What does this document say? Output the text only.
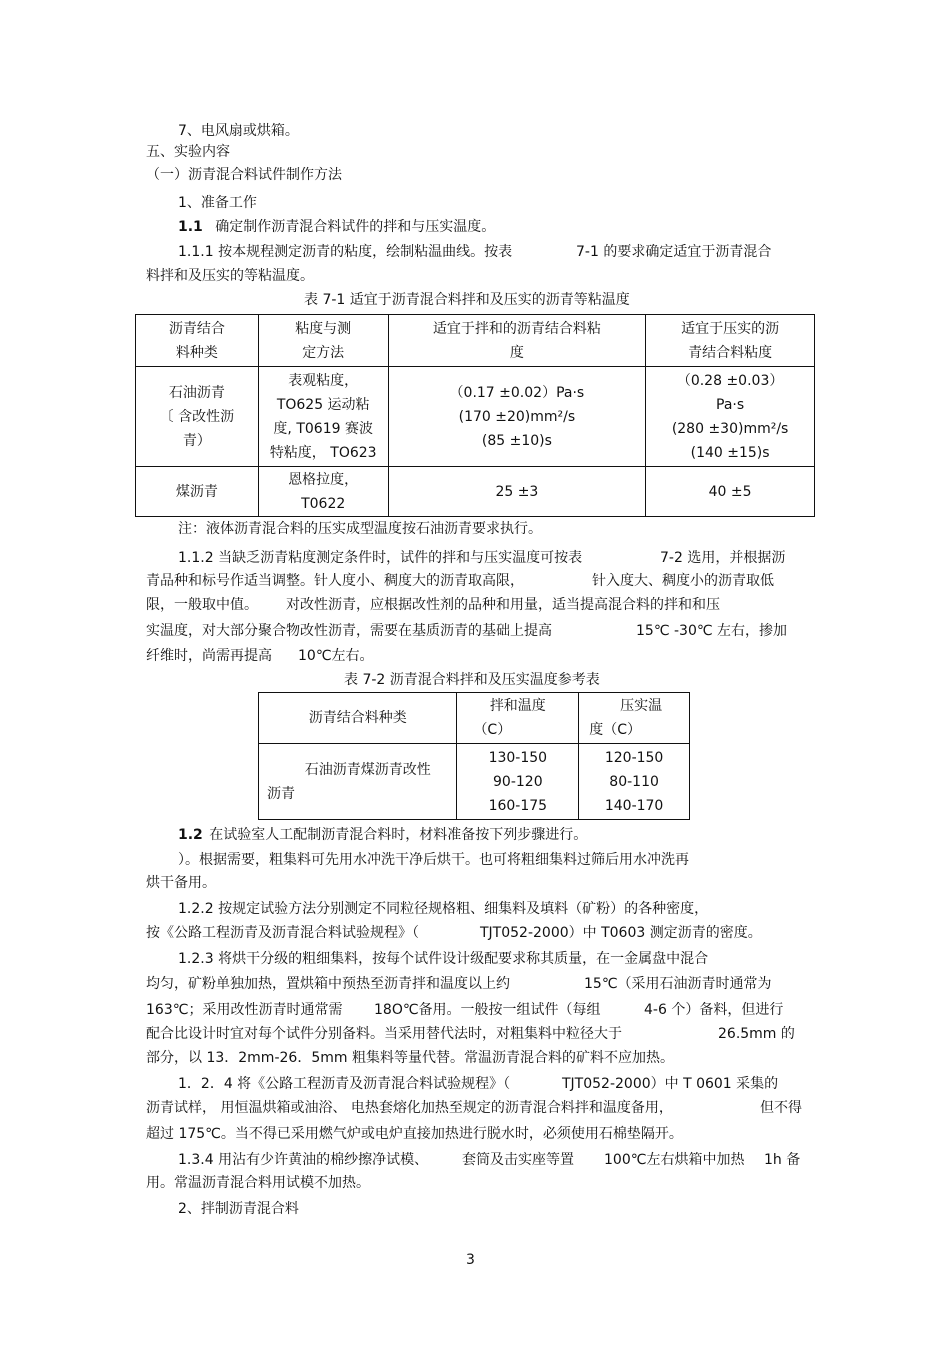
7、电风扇或烘箱。
五、实验内容
（一）沥青混合料试件制作方法
1、准备工作
1.1 确定制作沥青混合料试件的拌和与压实温度。
1.1.1 按本规程测定沥青的粘度，绘制粘温曲线。按表	7-1 的要求确定适宜于沥青混合
料拌和及压实的等粘温度。
表 7-1 适宜于沥青混合料拌和及压实的沥青等粘温度
沥青结合
料种类	粘度与测
定方法	适宜于拌和的沥青结合料粘
度	适宜于压实的沥
青结合料粘度

石油沥青
〔 含改性沥
青）	表观粘度，
TO625 运动粘
度, T0619 赛波
特粘度， TO623	（0.17 ±0.02）Pa·s
(170 ±20)mm²/s
(85 ±10)s	（0.28 ±0.03）
Pa·s
(280 ±30)mm²/s
(140 ±15)s

煤沥青	恩格拉度，
T0622	25 ±3	40 ±5
注：液体沥青混合料的压实成型温度按石油沥青要求执行。
1.1.2 当缺乏沥青粘度测定条件时，试件的拌和与压实温度可按表	7-2 选用，并根据沥
青品种和标号作适当调整。针人度小、稠度大的沥青取高限，	针入度大、稠度小的沥青取低
限，一般取中值。 对改性沥青，应根据改性剂的品种和用量，适当提高混合料的拌和和压
实温度，对大部分聚合物改性沥青，需要在基质沥青的基础上提高	15℃ -30℃ 左右，掺加
纤维时，尚需再提高 10℃左右。
表 7-2 沥青混合料拌和及压实温度参考表
沥青结合料种类	拌和温度
（C）	压实温
度（C）

石油沥青煤沥青改性
沥青	130-150
90-120
160-175	120-150
80-110
140-170
1.2 在试验室人工配制沥青混合料时，材料准备按下列步骤进行。
）。根据需要，粗集料可先用水冲洗干净后烘干。也可将粗细集料过筛后用水冲洗再
烘干备用。
1.2.2 按规定试验方法分别测定不同粒径规格粗、细集料及填料（矿粉）的各种密度，
按《公路工程沥青及沥青混合料试验规程》（	TJT052-2000）中 T0603 测定沥青的密度。
1.2.3 将烘干分级的粗细集料，按每个试件设计级配要求称其质量，在一金属盘中混合
均匀，矿粉单独加热，置烘箱中预热至沥青拌和温度以上约	15℃（采用石油沥青时通常为
163℃；采用改性沥青时通常需 18O℃备用。一般按一组试件（每组	4-6 个）备料，但进行
配合比设计时宜对每个试件分别备料。当采用替代法时，对粗集料中粒径大于	26.5mm 的
部分，以 13．2mm-26．5mm 粗集料等量代替。常温沥青混合料的矿料不应加热。
1．2．4 将《公路工程沥青及沥青混合料试验规程》（	TJT052-2000）中 T 0601 采集的
沥青试样， 用恒温烘箱或油浴、 电热套熔化加热至规定的沥青混合料拌和温度备用，	但不得
超过 175℃。当不得已采用燃气炉或电炉直接加热进行脱水时，必须使用石棉垫隔开。
1.3.4 用沾有少许黄油的棉纱擦净试模、 套筒及击实座等置 100℃左右烘箱中加热 1h 备
用。常温沥青混合料用试模不加热。
2、拌制沥青混合料
3
